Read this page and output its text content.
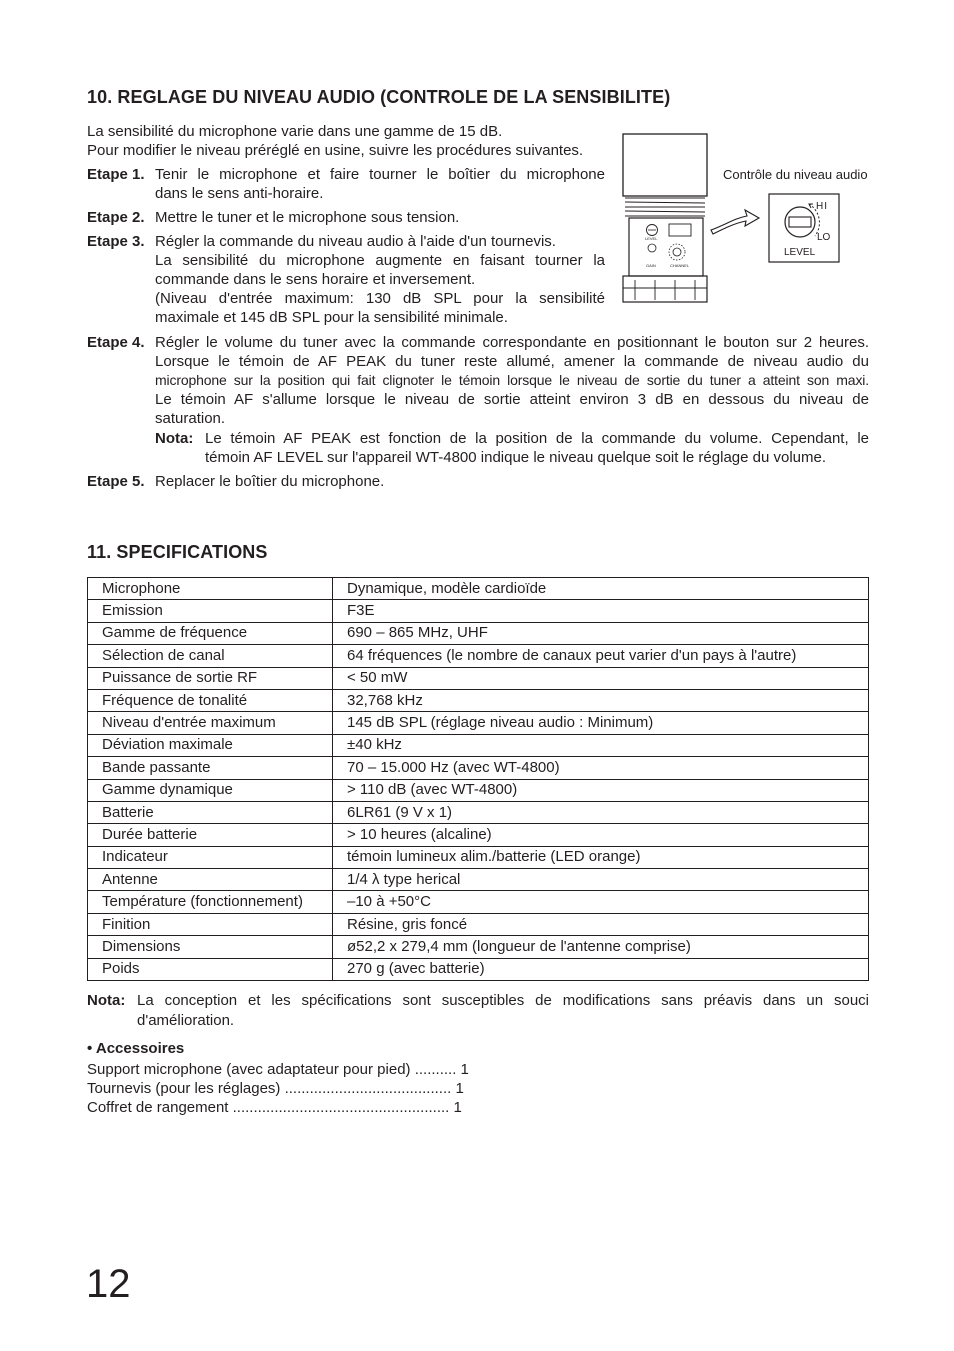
10. REGLAGE DU NIVEAU AUDIO (CONTROLE DE LA SENSIBILITE)
La sensibilité du microphone varie dans une gamme de 15 dB.
Pour modifier le niveau préréglé en usine, suivre les procédures suivantes.
Etape 1. Tenir le microphone et faire tourner le boîtier du microphone

dans le sens anti-horaire.

Etape 2. Mettre le tuner et le microphone sous tension.

Etape 3. Régler la commande du niveau audio à l'aide d'un tournevis.

La sensibilité du microphone augmente en faisant tourner la

commande dans le sens horaire et inversement.

(Niveau d'entrée maximum: 130 dB SPL pour la sensibilité

maximale et 145 dB SPL pour la sensibilité minimale.

Etape 4. Régler le volume du tuner avec la commande correspondante en positionnant le bouton sur 2 heures.

Lorsque le témoin de AF PEAK du tuner reste allumé, amener la commande de niveau audio du

microphone sur la position qui fait clignoter le témoin lorsque le niveau de sortie du tuner a atteint son maxi.

Le témoin AF s'allume lorsque le niveau de sortie atteint environ 3 dB en dessous du niveau de

saturation.

Nota: Le témoin AF PEAK est fonction de la position de la commande du volume. Cependant, le

témoin AF LEVEL sur l'appareil WT-4800 indique le niveau quelque soit le réglage du volume.

Etape 5. Replacer le boîtier du microphone.

LEVEL
GAIN	CHANNEL
Contrôle du niveau audio
HI
LO
LEVEL
11. SPECIFICATIONS
Microphone	Dynamique, modèle cardioïde
Emission	F3E
Gamme de fréquence	690 – 865 MHz, UHF
Sélection de canal	64 fréquences (le nombre de canaux peut varier d'un pays à l'autre)
Puissance de sortie RF	< 50 mW
Fréquence de tonalité	32,768 kHz
Niveau d'entrée maximum	145 dB SPL (réglage niveau audio : Minimum)
Déviation maximale	±40 kHz
Bande passante	70 – 15.000 Hz (avec WT-4800)
Gamme dynamique	> 110 dB (avec WT-4800)
Batterie	6LR61 (9 V x 1)
Durée batterie	> 10 heures (alcaline)
Indicateur	témoin lumineux alim./batterie (LED orange)
Antenne	1/4 λ type herical
Température (fonctionnement)	–10 à +50°C
Finition	Résine, gris foncé
Dimensions	ø52,2 x 279,4 mm (longueur de l'antenne comprise)
Poids	270 g (avec batterie)
Nota: La conception et les spécifications sont susceptibles de modifications sans préavis dans un souci

d'amélioration.

• Accessoires
Support microphone (avec adaptateur pour pied) .......... 1
Tournevis (pour les réglages) ........................................ 1
Coffret de rangement .................................................... 1
12
